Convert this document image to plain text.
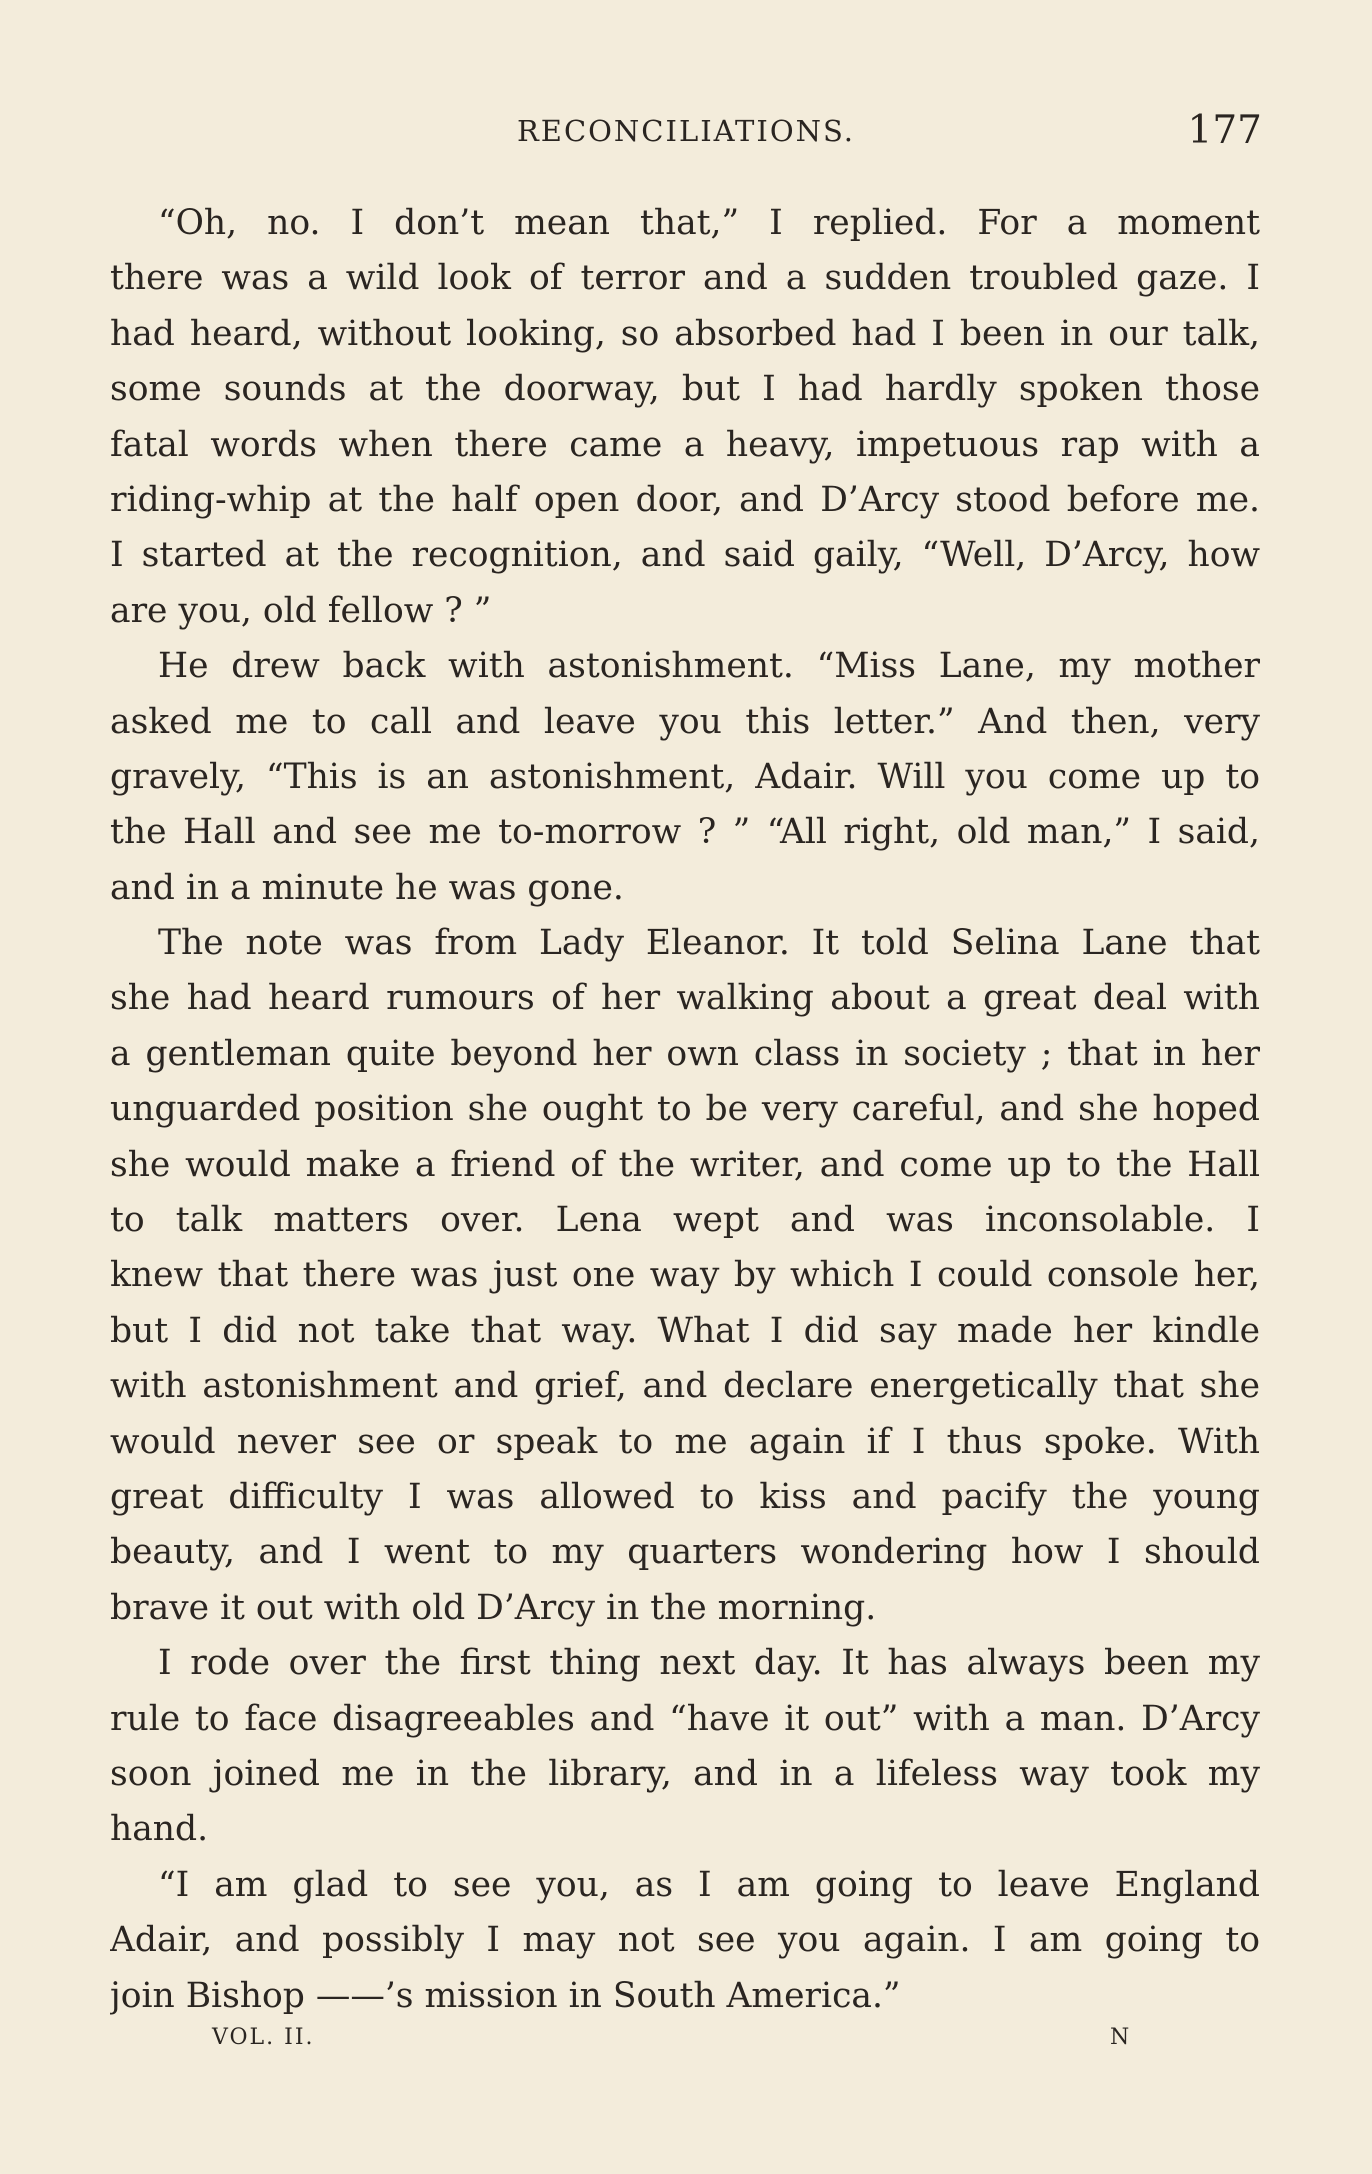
RECONCILIATIONS.	177
“Oh, no. I don’t mean that,” I replied. For a moment
there was a wild look of terror and a sudden troubled gaze. I
had heard, without looking, so absorbed had I been in our talk,
some sounds at the doorway, but I had hardly spoken those
fatal words when there came a heavy, impetuous rap with a
riding-whip at the half open door, and D’Arcy stood before me.
I started at the recognition, and said gaily, “Well, D’Arcy, how
are you, old fellow ? ”
He drew back with astonishment. “Miss Lane, my mother
asked me to call and leave you this letter.” And then, very
gravely, “This is an astonishment, Adair. Will you come up to
the Hall and see me to-morrow ? ” “All right, old man,” I said,
and in a minute he was gone.
The note was from Lady Eleanor. It told Selina Lane that
she had heard rumours of her walking about a great deal with
a gentleman quite beyond her own class in society ; that in her
unguarded position she ought to be very careful, and she hoped
she would make a friend of the writer, and come up to the Hall
to talk matters over. Lena wept and was inconsolable. I
knew that there was just one way by which I could console her,
but I did not take that way. What I did say made her kindle
with astonishment and grief, and declare energetically that she
would never see or speak to me again if I thus spoke. With
great difficulty I was allowed to kiss and pacify the young
beauty, and I went to my quarters wondering how I should
brave it out with old D’Arcy in the morning.
I rode over the first thing next day. It has always been my
rule to face disagreeables and “have it out” with a man. D’Arcy
soon joined me in the library, and in a lifeless way took my
hand.
“I am glad to see you, as I am going to leave England
Adair, and possibly I may not see you again. I am going to
join Bishop ——’s mission in South America.”
VOL. II.	N
